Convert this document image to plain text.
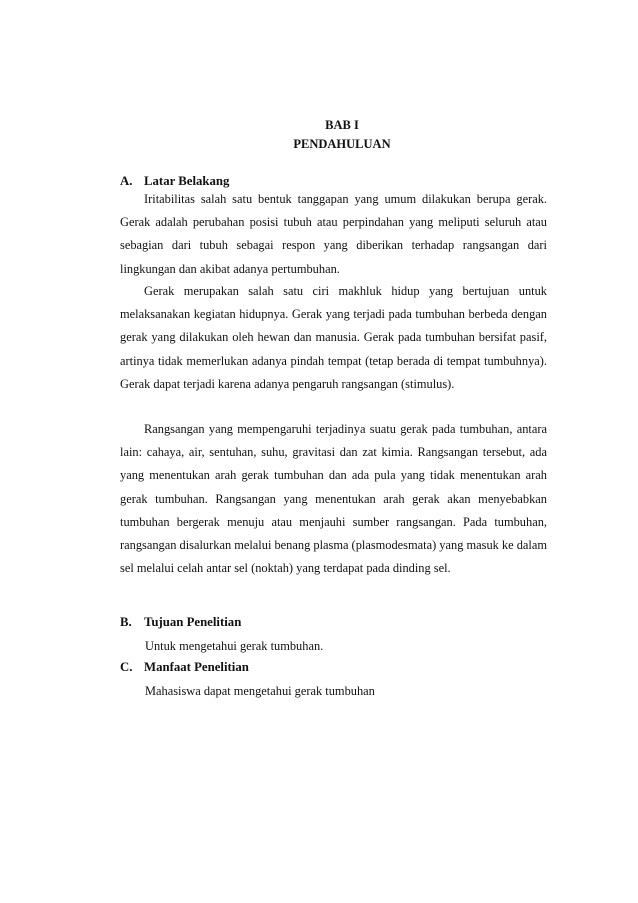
BAB I
PENDAHULUAN
A. Latar Belakang

Iritabilitas salah satu bentuk tanggapan yang umum dilakukan berupa gerak. Gerak adalah perubahan posisi tubuh atau perpindahan yang meliputi seluruh atau sebagian dari tubuh sebagai respon yang diberikan terhadap rangsangan dari lingkungan dan akibat adanya pertumbuhan.

Gerak merupakan salah satu ciri makhluk hidup yang bertujuan untuk melaksanakan kegiatan hidupnya. Gerak yang terjadi pada tumbuhan berbeda dengan gerak yang dilakukan oleh hewan dan manusia. Gerak pada tumbuhan bersifat pasif, artinya tidak memerlukan adanya pindah tempat (tetap berada di tempat tumbuhnya). Gerak dapat terjadi karena adanya pengaruh rangsangan (stimulus).

Rangsangan yang mempengaruhi terjadinya suatu gerak pada tumbuhan, antara lain: cahaya, air, sentuhan, suhu, gravitasi dan zat kimia. Rangsangan tersebut, ada yang menentukan arah gerak tumbuhan dan ada pula yang tidak menentukan arah gerak tumbuhan. Rangsangan yang menentukan arah gerak akan menyebabkan tumbuhan bergerak menuju atau menjauhi sumber rangsangan. Pada tumbuhan, rangsangan disalurkan melalui benang plasma (plasmodesmata) yang masuk ke dalam sel melalui celah antar sel (noktah) yang terdapat pada dinding sel.

B. Tujuan Penelitian
Untuk mengetahui gerak tumbuhan.
C. Manfaat Penelitian
Mahasiswa dapat mengetahui gerak tumbuhan
